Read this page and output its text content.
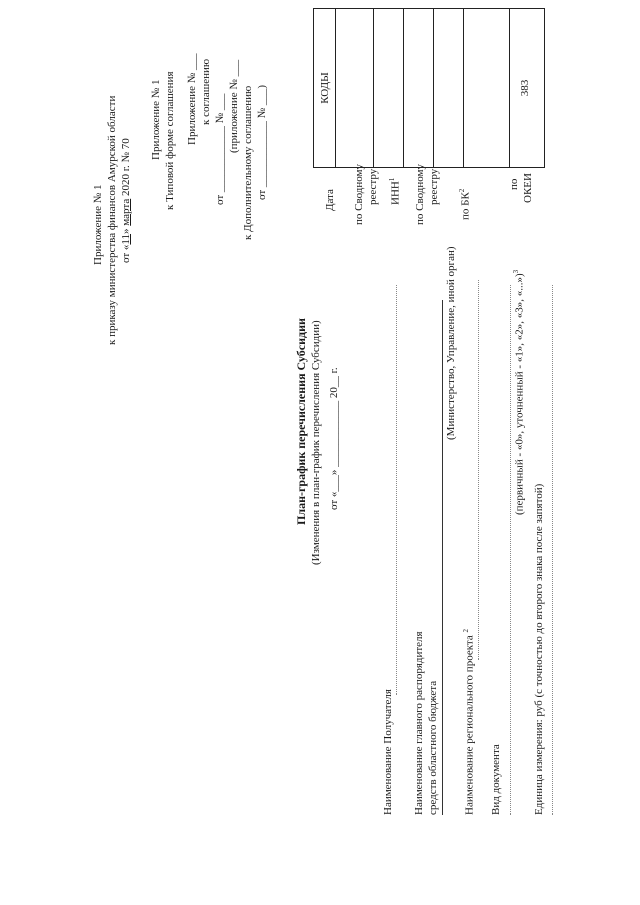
Приложение № 1 к приказу министерства финансов Амурской области от «11» марта 2020 г. № 70
Приложение № 1 к Типовой форме соглашения Приложение № ___ к соглашению
от ____________ № ___ (приложение № ___ к Дополнительному соглашению от ____________ № ___)
План-график перечисления Субсидии (Изменения в план-график перечисления Субсидии) от «___» ____________ 20__ г.
Наименование Получателя Наименование главного распорядителя средств областного бюджета
(Министерство, Управление, иной орган)
Наименование регионального проекта $^2$
Вид документа
(первичный - «0», уточненный - «1», «2», «3», «...»)$^3$
Единица измерения: руб (с точностью до второго знака после запятой)
Дата по Сводному реестру ИНН$^1$	по Сводному реестру
по $БК^2$
по ОКЕИ
КОДЫ	383
